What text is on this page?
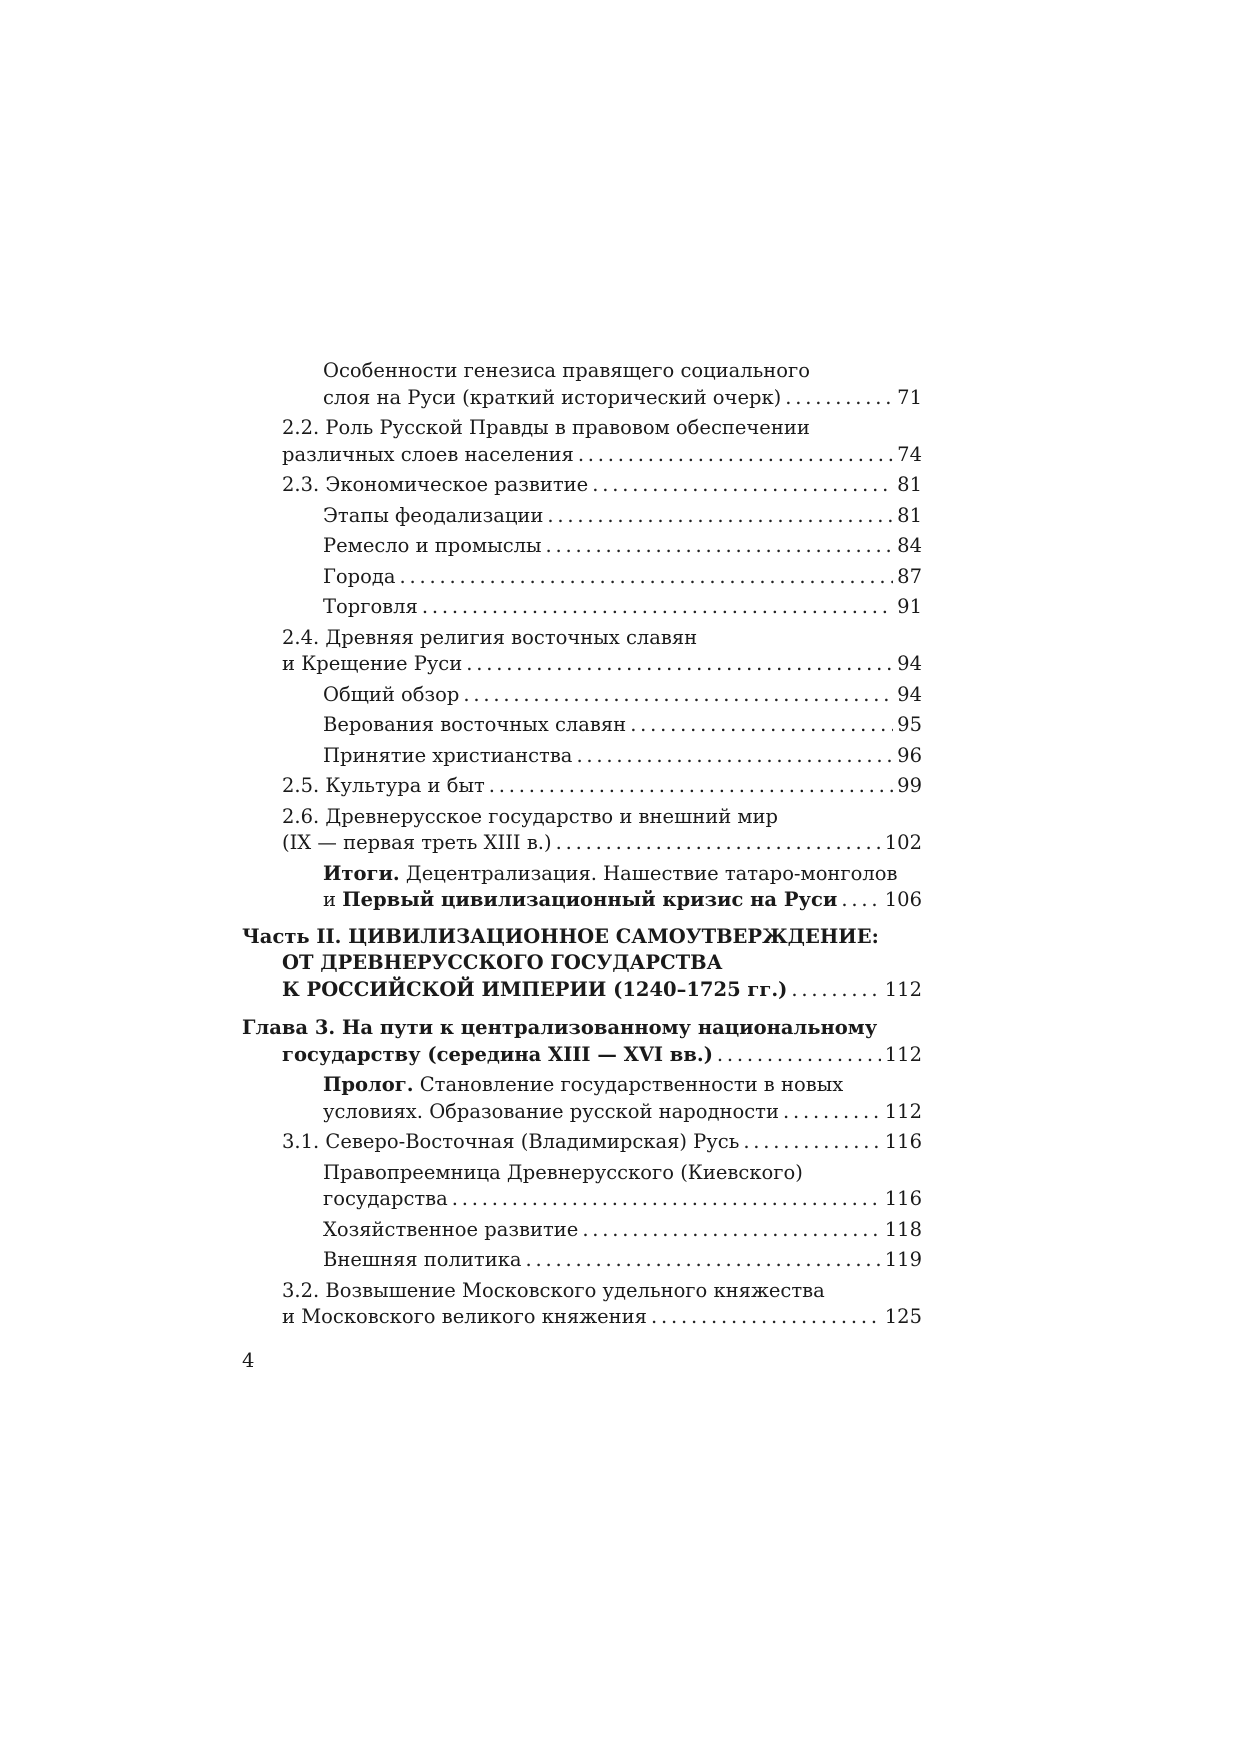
Особенности генезиса правящего социального
слоя на Руси (краткий исторический очерк) . . .	71
2.2. Роль Русской Правды в правовом обеспечении
различных слоев населения . . .	74
2.3. Экономическое развитие . . .	81
Этапы феодализации . . .	81
Ремесло и промыслы . . .	84
Города . . .	87
Торговля . . .	91
2.4. Древняя религия восточных славян
и Крещение Руси . . .	94
Общий обзор . . .	94
Верования восточных славян . . .	95
Принятие христианства . . .	96
2.5. Культура и быт . . .	99
2.6. Древнерусское государство и внешний мир
(IX — первая треть XIII в.) . . .	102
Итоги. Децентрализация. Нашествие татаро-монголов
и Первый цивилизационный кризис на Руси . . . 106
Часть II. ЦИВИЛИЗАЦИОННОЕ САМОУТВЕРЖДЕНИЕ:
ОТ ДРЕВНЕРУССКОГО ГОСУДАРСТВА
К РОССИЙСКОЙ ИМПЕРИИ (1240–1725 гг.) . . .	112
Глава 3. На пути к централизованному национальному
государству (середина XIII — XVI вв.) . . .	112
Пролог. Становление государственности в новых
условиях. Образование русской народности . . .	112
3.1. Северо-Восточная (Владимирская) Русь . . .	116
Правопреемница Древнерусского (Киевского)
государства . . .	116
Хозяйственное развитие . . .	118
Внешняя политика . . .	119
3.2. Возвышение Московского удельного княжества
и Московского великого княжения . . .	125
4
